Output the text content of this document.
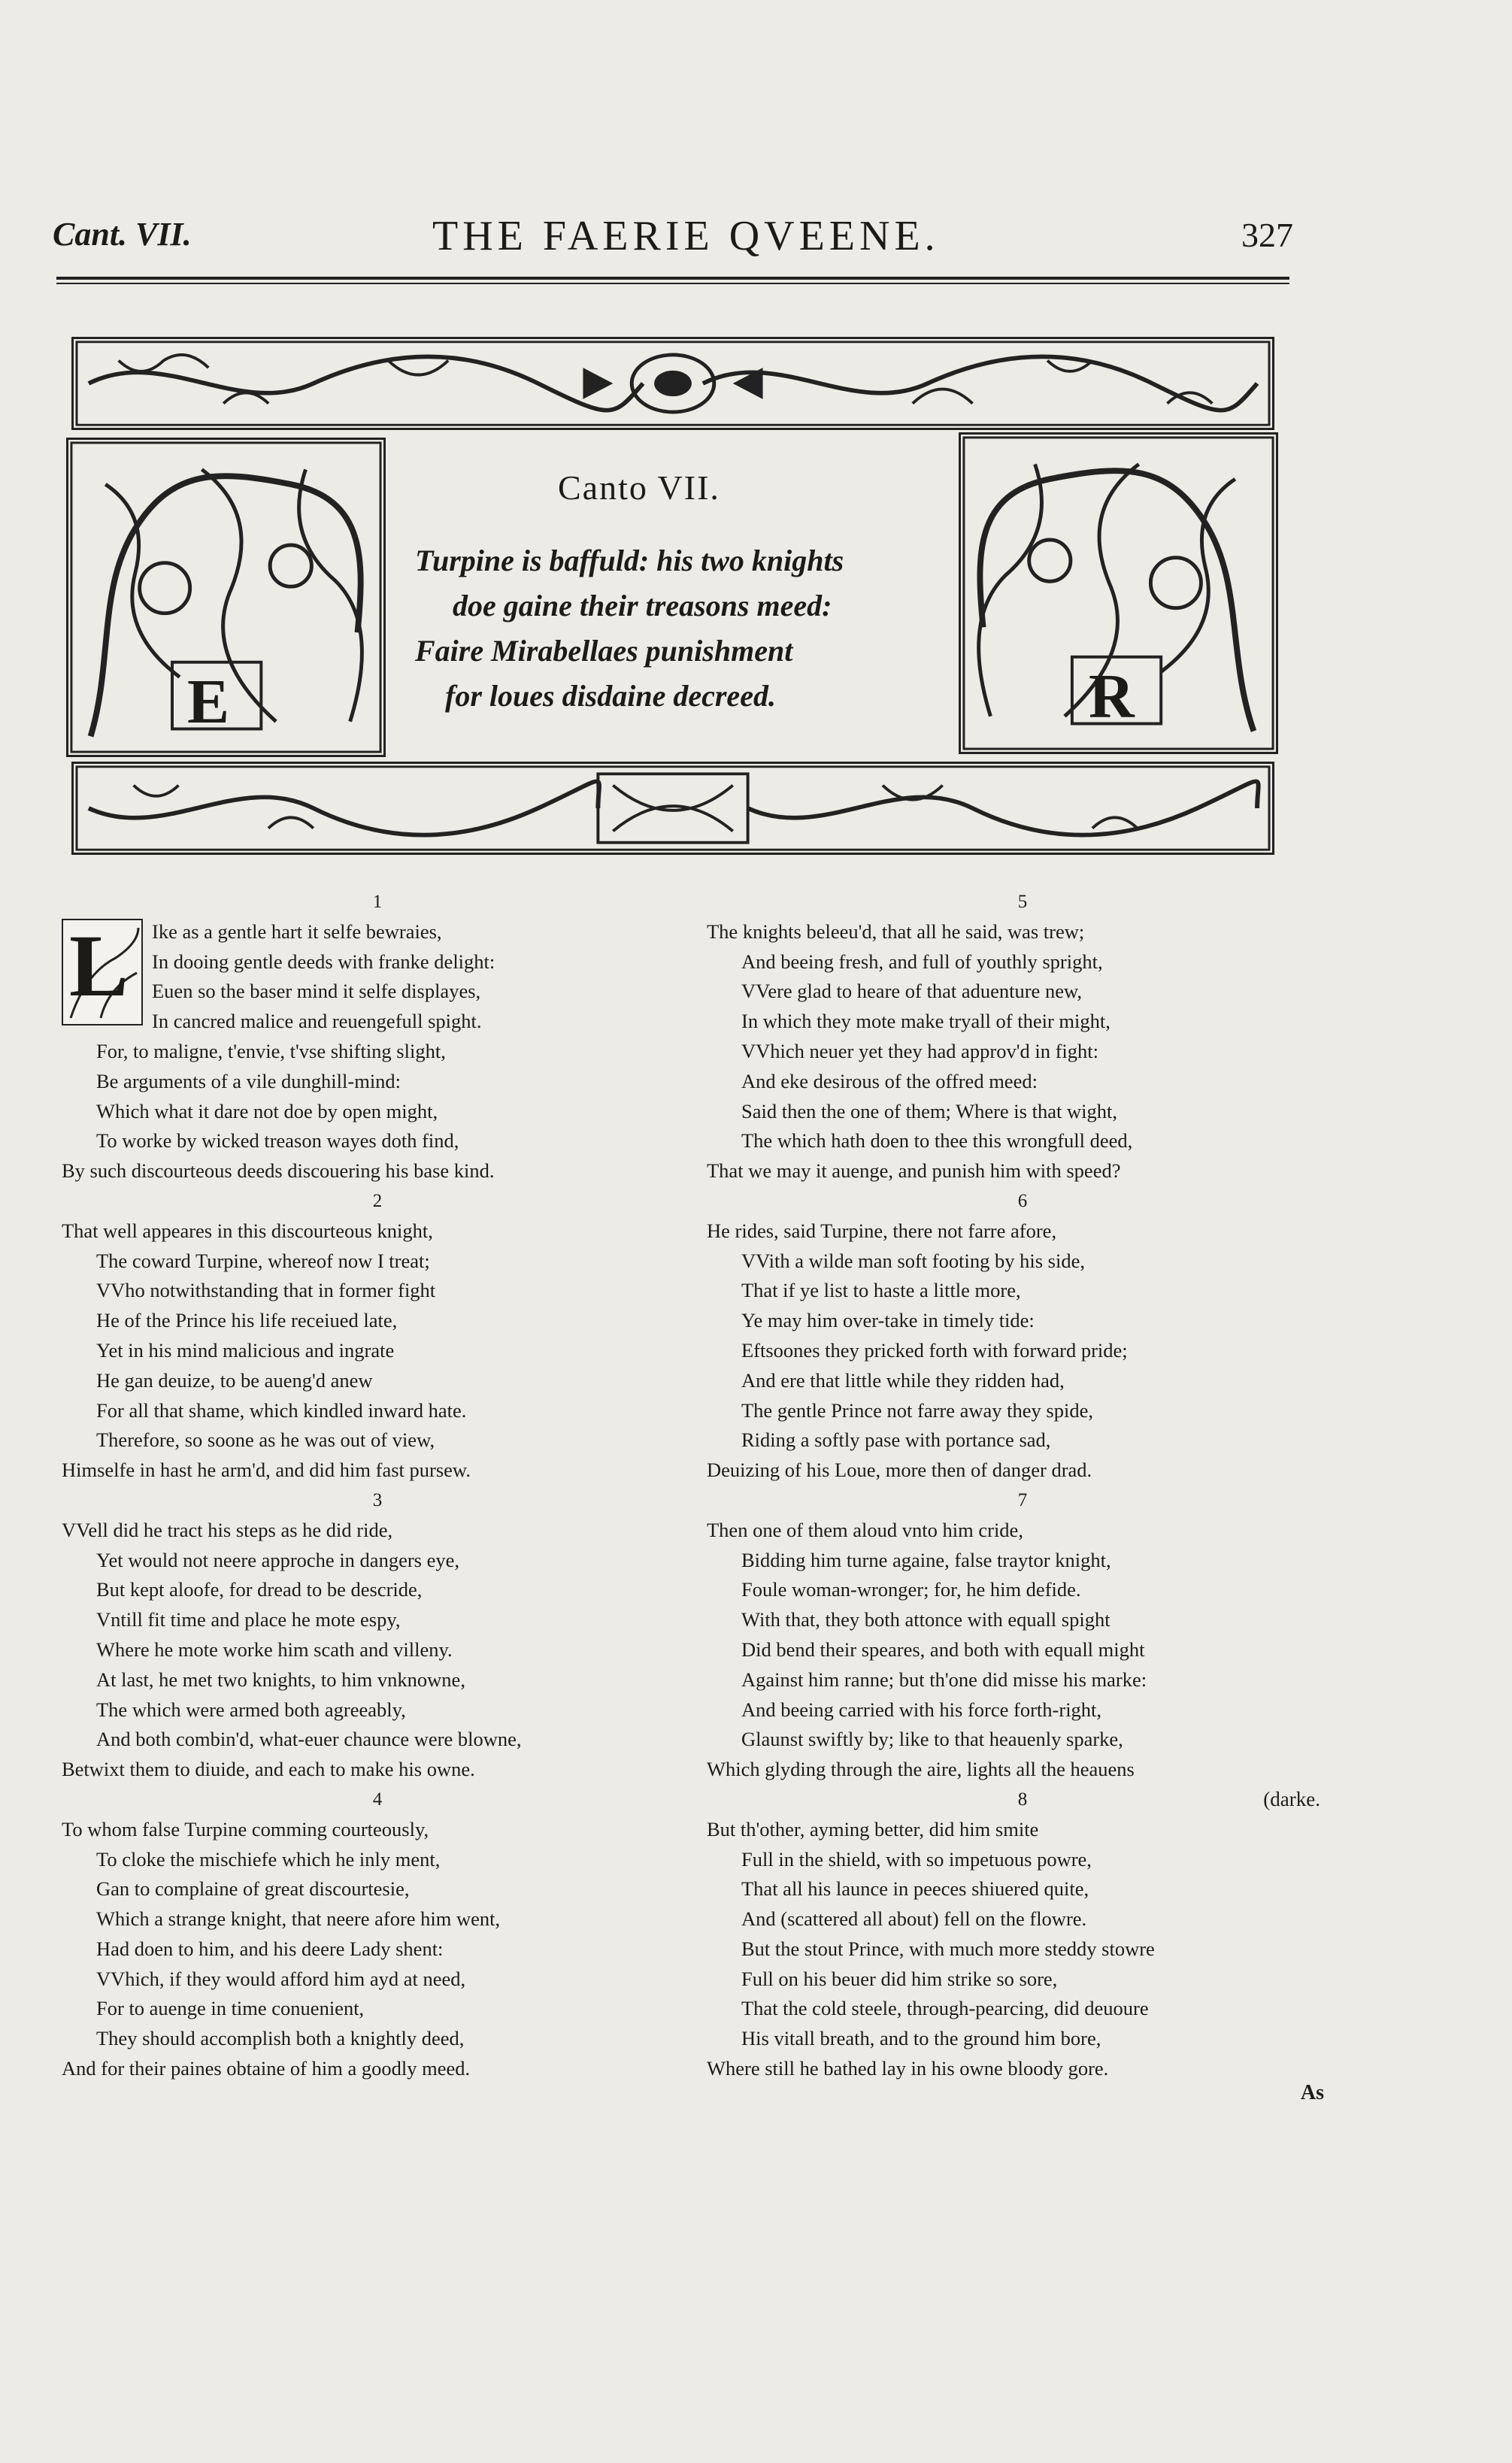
Cant. VII.	THE FAERIE QVEENE.	327
E
Canto VII.
Turpine is baffuld: his two knights
doe gaine their treasons meed:
Faire Mirabellaes punishment
for loues disdaine decreed.	R
L
1
Ike as a gentle hart it selfe bewraies,
In dooing gentle deeds with franke delight:
Euen so the baser mind it selfe displayes,
In cancred malice and reuengefull spight.
For, to maligne, t'envie, t'vse shifting slight,
Be arguments of a vile dunghill-mind:
Which what it dare not doe by open might,
To worke by wicked treason wayes doth find,
By such discourteous deeds discouering his base kind.
2
That well appeares in this discourteous knight,
The coward Turpine, whereof now I treat;
VVho notwithstanding that in former fight
He of the Prince his life receiued late,
Yet in his mind malicious and ingrate
He gan deuize, to be aueng'd anew
For all that shame, which kindled inward hate.
Therefore, so soone as he was out of view,
Himselfe in hast he arm'd, and did him fast pursew.
3
VVell did he tract his steps as he did ride,
Yet would not neere approche in dangers eye,
But kept aloofe, for dread to be descride,
Vntill fit time and place he mote espy,
Where he mote worke him scath and villeny.
At last, he met two knights, to him vnknowne,
The which were armed both agreeably,
And both combin'd, what-euer chaunce were blowne,
Betwixt them to diuide, and each to make his owne.
4
To whom false Turpine comming courteously,
To cloke the mischiefe which he inly ment,
Gan to complaine of great discourtesie,
Which a strange knight, that neere afore him went,
Had doen to him, and his deere Lady shent:
VVhich, if they would afford him ayd at need,
For to auenge in time conuenient,
They should accomplish both a knightly deed,
And for their paines obtaine of him a goodly meed.
5
The knights beleeu'd, that all he said, was trew;
And beeing fresh, and full of youthly spright,
VVere glad to heare of that aduenture new,
In which they mote make tryall of their might,
VVhich neuer yet they had approv'd in fight:
And eke desirous of the offred meed:
Said then the one of them; Where is that wight,
The which hath doen to thee this wrongfull deed,
That we may it auenge, and punish him with speed?
6
He rides, said Turpine, there not farre afore,
VVith a wilde man soft footing by his side,
That if ye list to haste a little more,
Ye may him over-take in timely tide:
Eftsoones they pricked forth with forward pride;
And ere that little while they ridden had,
The gentle Prince not farre away they spide,
Riding a softly pase with portance sad,
Deuizing of his Loue, more then of danger drad.
7
Then one of them aloud vnto him cride,
Bidding him turne againe, false traytor knight,
Foule woman-wronger; for, he him defide.
With that, they both attonce with equall spight
Did bend their speares, and both with equall might
Against him ranne; but th'one did misse his marke:
And beeing carried with his force forth-right,
Glaunst swiftly by; like to that heauenly sparke,
Which glyding through the aire, lights all the heauens
8
But th'other, ayming better, did him smite
Full in the shield, with so impetuous powre,
That all his launce in peeces shiuered quite,
And (scattered all about) fell on the flowre.
But the stout Prince, with much more steddy stowre
Full on his beuer did him strike so sore,
That the cold steele, through-pearcing, did deuoure
His vitall breath, and to the ground him bore,
Where still he bathed lay in his owne bloody gore.
(darke.
As
